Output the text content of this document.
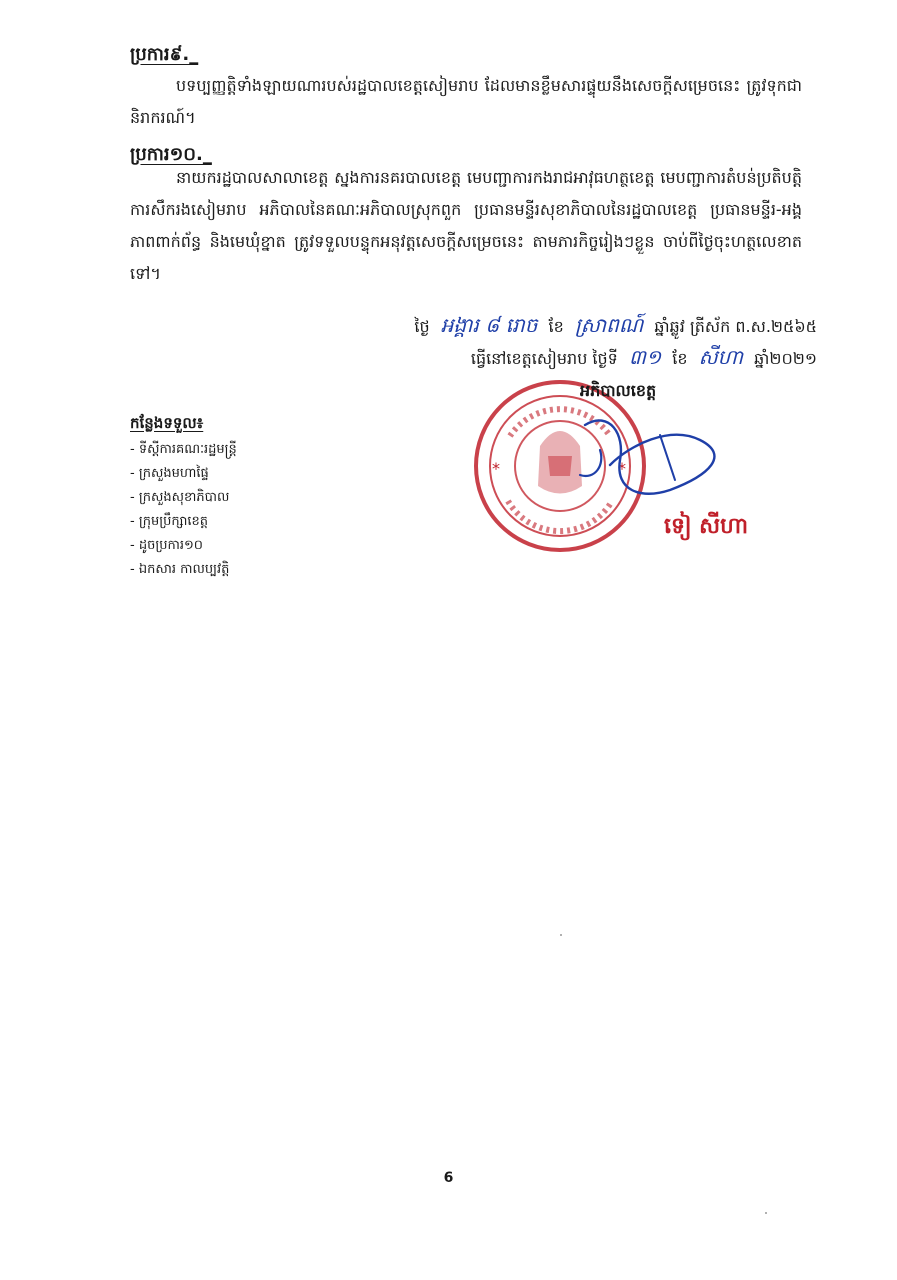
ប្រការ៩._
បទប្បញ្ញត្តិទាំងឡាយណារបស់រដ្ឋបាលខេត្តសៀមរាប ដែលមានខ្លឹមសារផ្ទុយនឹងសេចក្តីសម្រេចនេះ ត្រូវទុកជានិរាករណ៍។
ប្រការ១០._
នាយករដ្ឋបាលសាលាខេត្ត ស្នងការនគរបាលខេត្ត មេបញ្ជាការកងរាជអាវុធហត្ថខេត្ត មេបញ្ជាការតំបន់ប្រតិបត្តិការសឹករងសៀមរាប អភិបាលនៃគណៈអភិបាលស្រុកពួក ប្រធានមន្ទីរសុខាភិបាលនៃរដ្ឋបាលខេត្ត ប្រធានមន្ទីរ-អង្គភាពពាក់ព័ន្ធ និងមេឃុំខ្នាត ត្រូវទទួលបន្ទុកអនុវត្តសេចក្តីសម្រេចនេះ តាមភារកិច្ចរៀងៗខ្លួន ចាប់ពីថ្ងៃចុះហត្ថលេខាតទៅ។
ថ្ងៃ អង្គារ ៨ រោច ខែ ស្រាពណ៍ ឆ្នាំឆ្លូវ ត្រីស័ក ព.ស.២៥៦៥
ធ្វើនៅខេត្តសៀមរាប ថ្ងៃទី ៣១ ខែ សីហា ឆ្នាំ២០២១
*	*
អភិបាលខេត្ត
ទៀ សីហា
កន្លែងទទួល៖
- ទីស្តីការគណៈរដ្ឋមន្ត្រី
- ក្រសួងមហាផ្ទៃ
- ក្រសួងសុខាភិបាល
- ក្រុមប្រឹក្សាខេត្ត
- ដូចប្រការ១០
- ឯកសារ កាលប្បវត្តិ
6
